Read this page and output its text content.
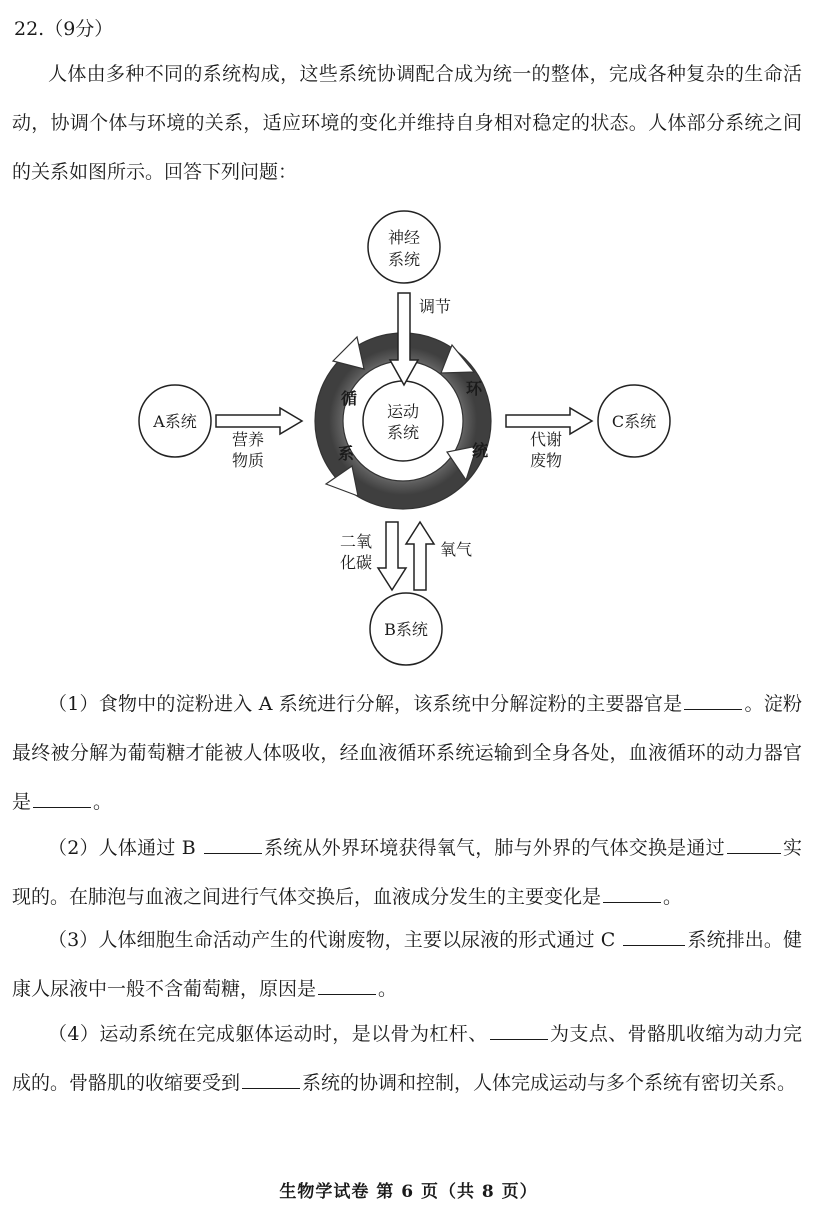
22.（9分）

人体由多种不同的系统构成，这些系统协调配合成为统一的整体，完成各种复杂的生命活动，协调个体与环境的关系，适应环境的变化并维持自身相对稳定的状态。人体部分系统之间的关系如图所示。回答下列问题：

神经
系统
循
环
系	统
运动
系统
调节
A系统
营养
物质
代谢
废物
C系统
二氧
化碳
氧气
B系统

（1）食物中的淀粉进入 A 系统进行分解，该系统中分解淀粉的主要器官是	。淀粉最终被分解为葡萄糖才能被人体吸收，经血液循环系统运输到全身各处，血液循环的动力器官是	。

（2）人体通过 B	系统从外界环境获得氧气，肺与外界的气体交换是通过	实现的。在肺泡与血液之间进行气体交换后，血液成分发生的主要变化是	。

（3）人体细胞生命活动产生的代谢废物，主要以尿液的形式通过 C	系统排出。健康人尿液中一般不含葡萄糖，原因是	。

（4）运动系统在完成躯体运动时，是以骨为杠杆、	为支点、骨骼肌收缩为动力完成的。骨骼肌的收缩要受到	系统的协调和控制，人体完成运动与多个系统有密切关系。

生物学试卷 第 6 页（共 8 页）
